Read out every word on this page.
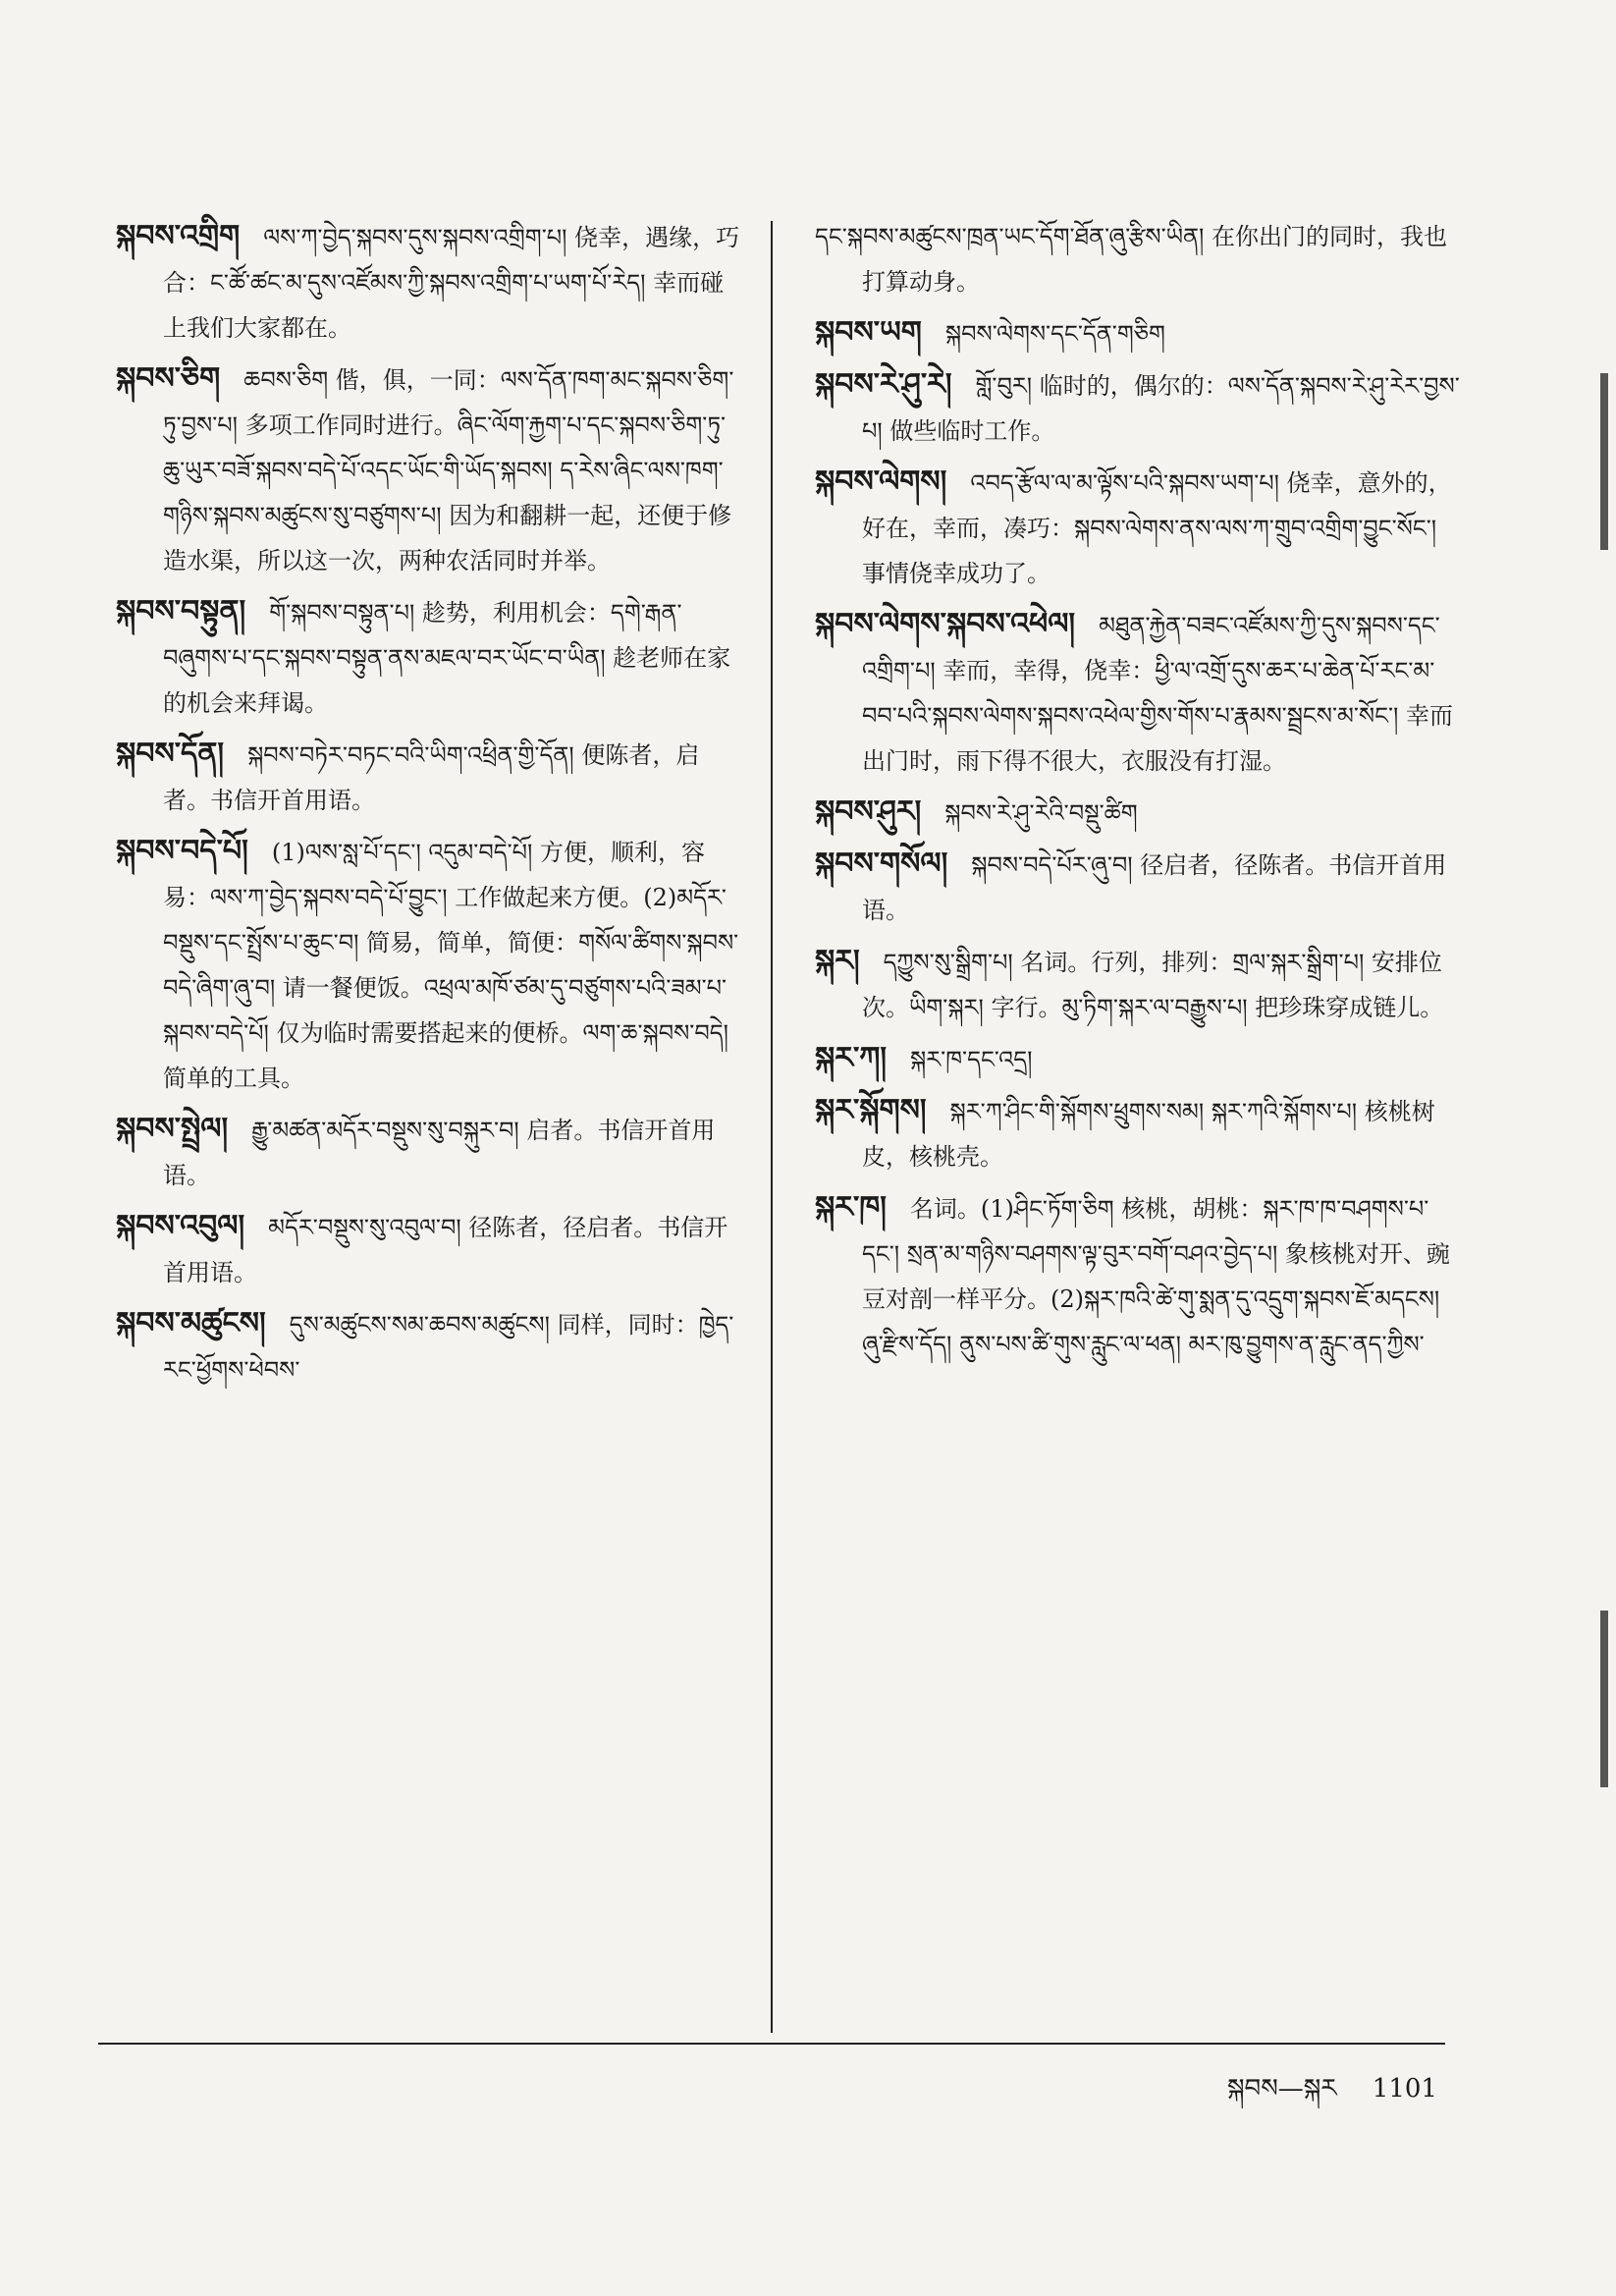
སྐབས་འགྲིག ལས་ཀ་བྱེད་སྐབས་དུས་སྐབས་འགྲིག་པ། 侥幸，遇缘，巧合：ང་ཚོ་ཚང་མ་དུས་འཛོམས་ཀྱི་སྐབས་འགྲིག་པ་ཡག་པོ་རེད། 幸而碰上我们大家都在。
སྐབས་ཅིག ཆབས་ཅིག 偕，俱，一同：ལས་དོན་ཁག་མང་སྐབས་ཅིག་ཏུ་བྱས་པ། 多项工作同时进行。ཞིང་ལོག་རྐྱག་པ་དང་སྐབས་ཅིག་ཏུ་ཆུ་ཡུར་བཟོ་སྐབས་བདེ་པོ་འདང་ཡོང་གི་ཡོད་སྐབས། ད་རེས་ཞིང་ལས་ཁག་གཉིས་སྐབས་མཚུངས་སུ་བཙུགས་པ། 因为和翻耕一起，还便于修造水渠，所以这一次，两种农活同时并举。
སྐབས་བསྟུན། གོ་སྐབས་བསྟུན་པ། 趁势，利用机会：དགེ་རྒན་བཞུགས་པ་དང་སྐབས་བསྟུན་ནས་མཇལ་བར་ཡོང་བ་ཡིན། 趁老师在家的机会来拜谒。
སྐབས་དོན། སྐབས་བཏེར་བཏང་བའི་ཡིག་འཕྲིན་གྱི་དོན། 便陈者，启者。书信开首用语。
སྐབས་བདེ་པོ། (1)ལས་སླ་པོ་དང་། འདུམ་བདེ་པོ། 方便，顺利，容易：ལས་ཀ་བྱེད་སྐབས་བདེ་པོ་བྱུང་། 工作做起来方便。(2)མདོར་བསྡུས་དང་སྤྲོས་པ་ཆུང་བ། 简易，简单，简便：གསོལ་ཚིགས་སྐབས་བདེ་ཞིག་ཞུ་བ། 请一餐便饭。འཕྲལ་མཁོ་ཙམ་དུ་བཙུགས་པའི་ཟམ་པ་སྐབས་བདེ་པོ། 仅为临时需要搭起来的便桥。ལག་ཆ་སྐབས་བདེ། 简单的工具。
སྐབས་སྤྲེལ། རྒྱུ་མཚན་མདོར་བསྡུས་སུ་བསྐུར་བ། 启者。书信开首用语。
སྐབས་འབུལ། མདོར་བསྡུས་སུ་འབུལ་བ། 径陈者，径启者。书信开首用语。
སྐབས་མཚུངས། དུས་མཚུངས་སམ་ཆབས་མཚུངས། 同样，同时：ཁྱེད་རང་ཕྱོགས་ཕེབས་
དང་སྐབས་མཚུངས་ཁྲན་ཡང་དོག་ཐོན་ཞུ་རྩིས་ཡིན། 在你出门的同时，我也打算动身。
སྐབས་ཡག སྐབས་ལེགས་དང་དོན་གཅིག
སྐབས་རེ་ཤུ་རེ། གློ་བུར། 临时的，偶尔的：ལས་དོན་སྐབས་རེ་ཤུ་རེར་བྱས་པ། 做些临时工作。
སྐབས་ལེགས། འབད་རྩོལ་ལ་མ་ལྟོས་པའི་སྐབས་ཡག་པ། 侥幸，意外的，好在，幸而，凑巧：སྐབས་ལེགས་ནས་ལས་ཀ་གྲུབ་འགྲིག་བྱུང་སོང་། 事情侥幸成功了。
སྐབས་ལེགས་སྐབས་འཕེལ། མཐུན་རྐྱེན་བཟང་འཛོམས་ཀྱི་དུས་སྐབས་དང་འགྲིག་པ། 幸而，幸得，侥幸：ཕྱི་ལ་འགྲོ་དུས་ཆར་པ་ཆེན་པོ་རང་མ་བབ་པའི་སྐབས་ལེགས་སྐབས་འཕེལ་གྱིས་གོས་པ་རྣམས་སྦྲངས་མ་སོང་། 幸而出门时，雨下得不很大，衣服没有打湿。
སྐབས་ཤུར། སྐབས་རེ་ཤུ་རེའི་བསྡུ་ཚིག
སྐབས་གསོལ། སྐབས་བདེ་པོར་ཞུ་བ། 径启者，径陈者。书信开首用语。
སྐར། དཀྱུས་སུ་སྒྲིག་པ། 名词。行列，排列：གྲལ་སྐར་སྒྲིག་པ། 安排位次。ཡིག་སྐར། 字行。མུ་ཏིག་སྐར་ལ་བརྒྱུས་པ། 把珍珠穿成链儿。
སྐར་ཀ། སྐར་ཁ་དང་འདྲ།
སྐར་སྐོགས། སྐར་ཀ་ཤིང་གི་སྐོགས་ཕྲུགས་སམ། སྐར་ཀའི་སྐོགས་པ། 核桃树皮，核桃壳。
སྐར་ཁ། 名词。(1)ཤིང་ཏོག་ཅིག 核桃，胡桃：སྐར་ཁ་ཁ་བཤགས་པ་དང་། སྲན་མ་གཉིས་བཤགས་ལྟ་བུར་བགོ་བཤའ་བྱེད་པ། 象核桃对开、豌豆对剖一样平分。(2)སྐར་ཁའི་ཚེ་གུ་སྨན་དུ་འདྲུག་སྐབས་ཇོ་མདངས། ཞུ་རྫིས་དོད། ནུས་པས་ཚི་གུས་རླུང་ལ་ཕན། མར་ཁུ་བྱུགས་ན་རླུང་ནད་ཀྱིས་
སྐབས—སྐར 1101
